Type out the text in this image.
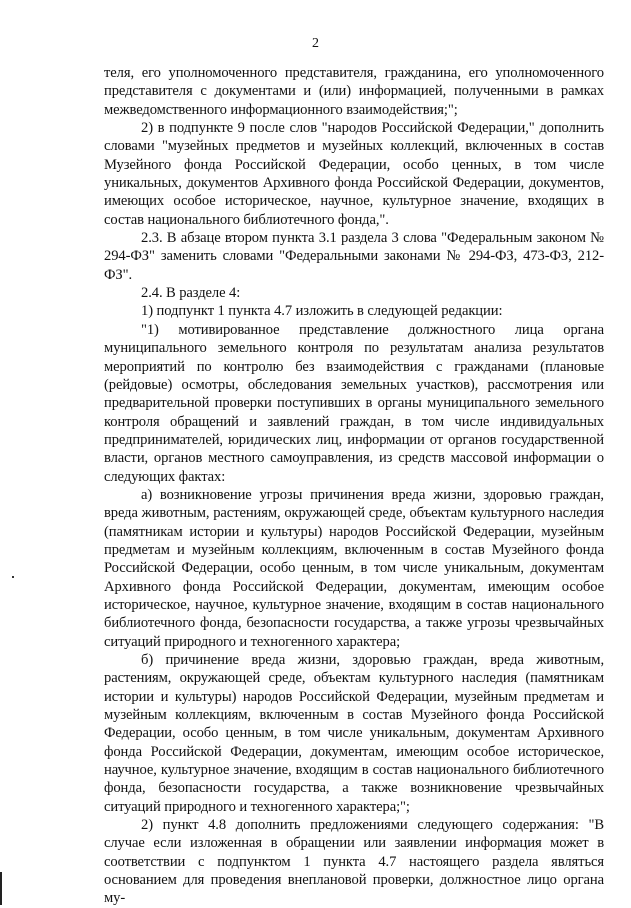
2

теля, его уполномоченного представителя, гражданина, его уполномоченного представителя с документами и (или) информацией, полученными в рамках межведомственного информационного взаимодействия;";

2) в подпункте 9 после слов "народов Российской Федерации," дополнить словами "музейных предметов и музейных коллекций, включенных в состав Музейного фонда Российской Федерации, особо ценных, в том числе уникальных, документов Архивного фонда Российской Федерации, документов, имеющих особое историческое, научное, культурное значение, входящих в состав национального библиотечного фонда,".

2.3. В абзаце втором пункта 3.1 раздела 3 слова "Федеральным законом № 294-ФЗ" заменить словами "Федеральными законами № 294-ФЗ, 473-ФЗ, 212-ФЗ".

2.4. В разделе 4:

1) подпункт 1 пункта 4.7 изложить в следующей редакции:

"1) мотивированное представление должностного лица органа муниципального земельного контроля по результатам анализа результатов мероприятий по контролю без взаимодействия с гражданами (плановые (рейдовые) осмотры, обследования земельных участков), рассмотрения или предварительной проверки поступивших в органы муниципального земельного контроля обращений и заявлений граждан, в том числе индивидуальных предпринимателей, юридических лиц, информации от органов государственной власти, органов местного самоуправления, из средств массовой информации о следующих фактах:

а) возникновение угрозы причинения вреда жизни, здоровью граждан, вреда животным, растениям, окружающей среде, объектам культурного наследия (памятникам истории и культуры) народов Российской Федерации, музейным предметам и музейным коллекциям, включенным в состав Музейного фонда Российской Федерации, особо ценным, в том числе уникальным, документам Архивного фонда Российской Федерации, документам, имеющим особое историческое, научное, культурное значение, входящим в состав национального библиотечного фонда, безопасности государства, а также угрозы чрезвычайных ситуаций природного и техногенного характера;

б) причинение вреда жизни, здоровью граждан, вреда животным, растениям, окружающей среде, объектам культурного наследия (памятникам истории и культуры) народов Российской Федерации, музейным предметам и музейным коллекциям, включенным в состав Музейного фонда Российской Федерации, особо ценным, в том числе уникальным, документам Архивного фонда Российской Федерации, документам, имеющим особое историческое, научное, культурное значение, входящим в состав национального библиотечного фонда, безопасности государства, а также возникновение чрезвычайных ситуаций природного и техногенного характера;";

2) пункт 4.8 дополнить предложениями следующего содержания: "В случае если изложенная в обращении или заявлении информация может в соответствии с подпунктом 1 пункта 4.7 настоящего раздела являться основанием для проведения внеплановой проверки, должностное лицо органа му-
